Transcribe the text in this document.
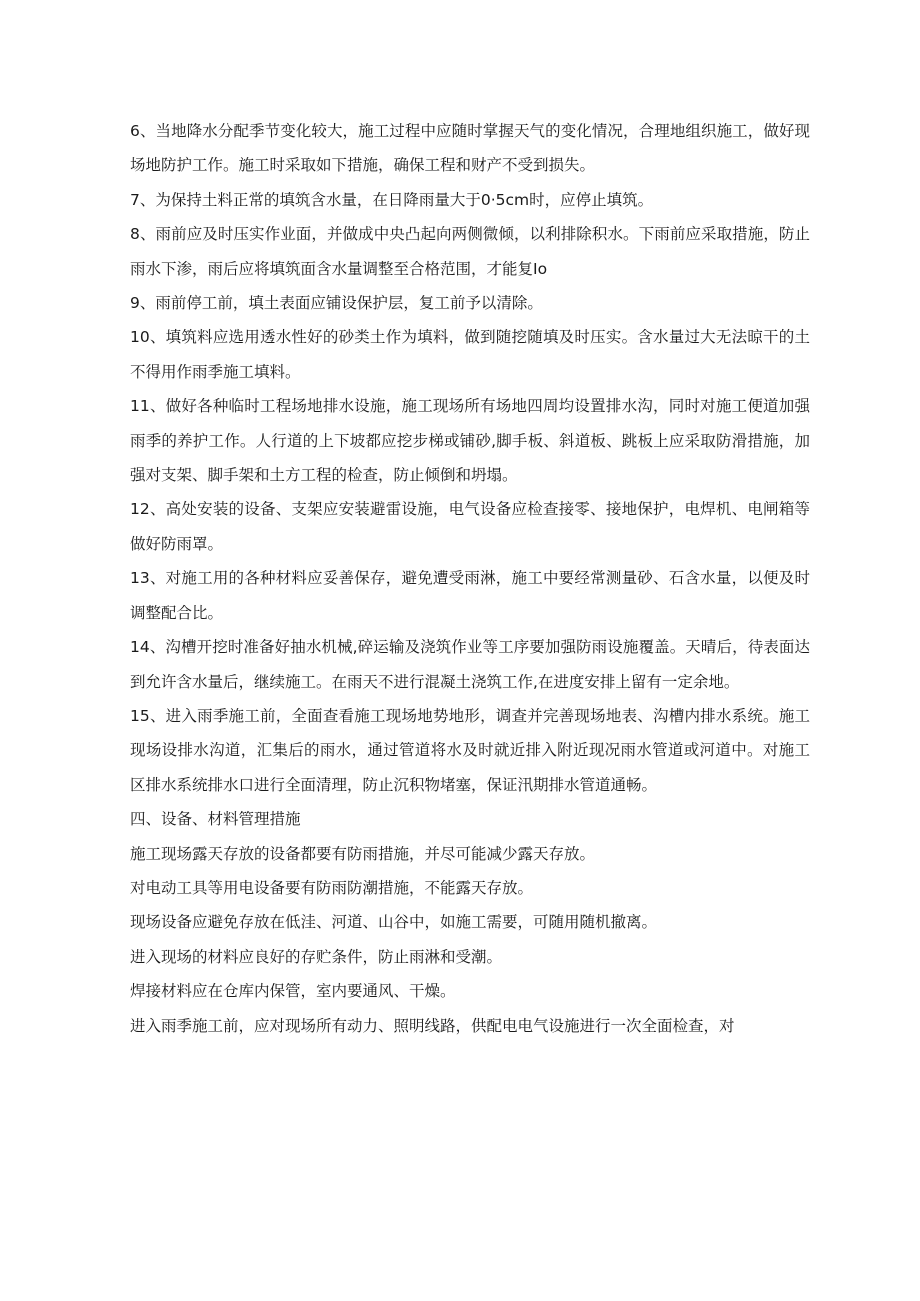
6、当地降水分配季节变化较大，施工过程中应随时掌握天气的变化情况，合理地组织施工，做好现场地防护工作。施工时采取如下措施，确保工程和财产不受到损失。

7、为保持土料正常的填筑含水量，在日降雨量大于0·5cm时，应停止填筑。

8、雨前应及时压实作业面，并做成中央凸起向两侧微倾，以利排除积水。下雨前应采取措施，防止雨水下渗，雨后应将填筑面含水量调整至合格范围，才能复Io

9、雨前停工前，填土表面应铺设保护层，复工前予以清除。

10、填筑料应选用透水性好的砂类土作为填料，做到随挖随填及时压实。含水量过大无法晾干的土不得用作雨季施工填料。

11、做好各种临时工程场地排水设施，施工现场所有场地四周均设置排水沟，同时对施工便道加强雨季的养护工作。人行道的上下坡都应挖步梯或铺砂,脚手板、斜道板、跳板上应采取防滑措施，加强对支架、脚手架和土方工程的检查，防止倾倒和坍塌。

12、高处安装的设备、支架应安装避雷设施，电气设备应检查接零、接地保护，电焊机、电闸箱等做好防雨罩。

13、对施工用的各种材料应妥善保存，避免遭受雨淋，施工中要经常测量砂、石含水量，以便及时调整配合比。

14、沟槽开挖时准备好抽水机械,碎运输及浇筑作业等工序要加强防雨设施覆盖。天晴后，待表面达到允许含水量后，继续施工。在雨天不进行混凝土浇筑工作,在进度安排上留有一定余地。

15、进入雨季施工前，全面查看施工现场地势地形，调查并完善现场地表、沟槽内排水系统。施工现场设排水沟道，汇集后的雨水，通过管道将水及时就近排入附近现况雨水管道或河道中。对施工区排水系统排水口进行全面清理，防止沉积物堵塞，保证汛期排水管道通畅。

四、设备、材料管理措施

施工现场露天存放的设备都要有防雨措施，并尽可能减少露天存放。

对电动工具等用电设备要有防雨防潮措施，不能露天存放。

现场设备应避免存放在低洼、河道、山谷中，如施工需要，可随用随机撤离。

进入现场的材料应良好的存贮条件，防止雨淋和受潮。

焊接材料应在仓库内保管，室内要通风、干燥。

进入雨季施工前，应对现场所有动力、照明线路，供配电电气设施进行一次全面检查，对
